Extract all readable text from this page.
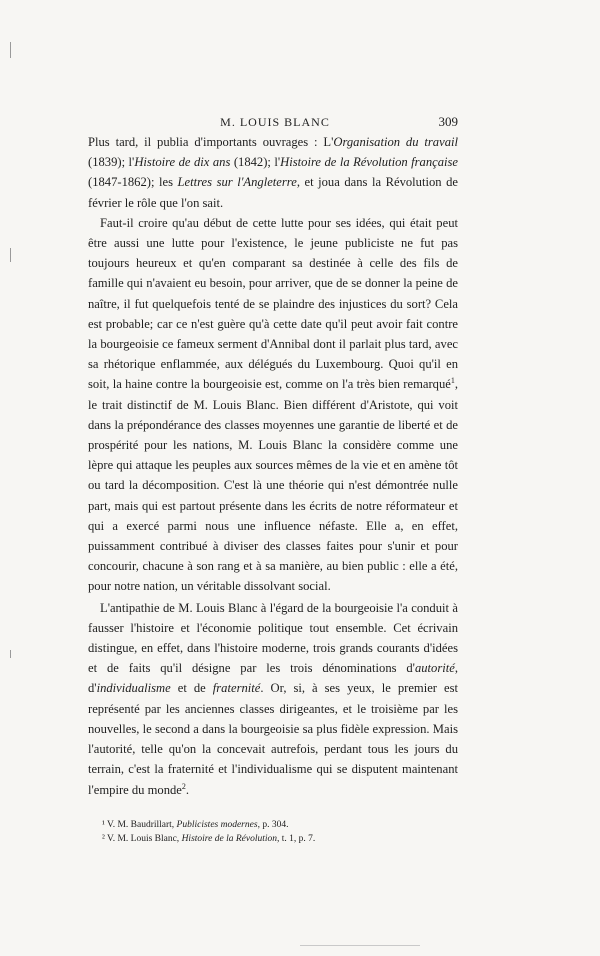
M. LOUIS BLANC	309

Plus tard, il publia d'importants ouvrages : L'Organisation du travail (1839); l'Histoire de dix ans (1842); l'Histoire de la Révolution française (1847-1862); les Lettres sur l'Angleterre, et joua dans la Révolution de février le rôle que l'on sait.

Faut-il croire qu'au début de cette lutte pour ses idées, qui était peut être aussi une lutte pour l'existence, le jeune publiciste ne fut pas toujours heureux et qu'en comparant sa destinée à celle des fils de famille qui n'avaient eu besoin, pour arriver, que de se donner la peine de naître, il fut quelquefois tenté de se plaindre des injustices du sort? Cela est probable; car ce n'est guère qu'à cette date qu'il peut avoir fait contre la bourgeoisie ce fameux serment d'Annibal dont il parlait plus tard, avec sa rhétorique enflammée, aux délégués du Luxembourg. Quoi qu'il en soit, la haine contre la bourgeoisie est, comme on l'a très bien remarqué$^1$, le trait distinctif de M. Louis Blanc. Bien différent d'Aristote, qui voit dans la prépondérance des classes moyennes une garantie de liberté et de prospérité pour les nations, M. Louis Blanc la considère comme une lèpre qui attaque les peuples aux sources mêmes de la vie et en amène tôt ou tard la décomposition. C'est là une théorie qui n'est démontrée nulle part, mais qui est partout présente dans les écrits de notre réformateur et qui a exercé parmi nous une influence néfaste. Elle a, en effet, puissamment contribué à diviser des classes faites pour s'unir et pour concourir, chacune à son rang et à sa manière, au bien public : elle a été, pour notre nation, un véritable dissolvant social.

L'antipathie de M. Louis Blanc à l'égard de la bourgeoisie l'a conduit à fausser l'histoire et l'économie politique tout ensemble. Cet écrivain distingue, en effet, dans l'histoire moderne, trois grands courants d'idées et de faits qu'il désigne par les trois dénominations d'autorité, d'individualisme et de fraternité. Or, si, à ses yeux, le premier est représenté par les anciennes classes dirigeantes, et le troisième par les nouvelles, le second a dans la bourgeoisie sa plus fidèle expression. Mais l'autorité, telle qu'on la concevait autrefois, perdant tous les jours du terrain, c'est la fraternité et l'individualisme qui se disputent maintenant l'empire du monde$^2$.

¹ V. M. Baudrillart, Publicistes modernes, p. 304.
² V. M. Louis Blanc, Histoire de la Révolution, t. 1, p. 7.
